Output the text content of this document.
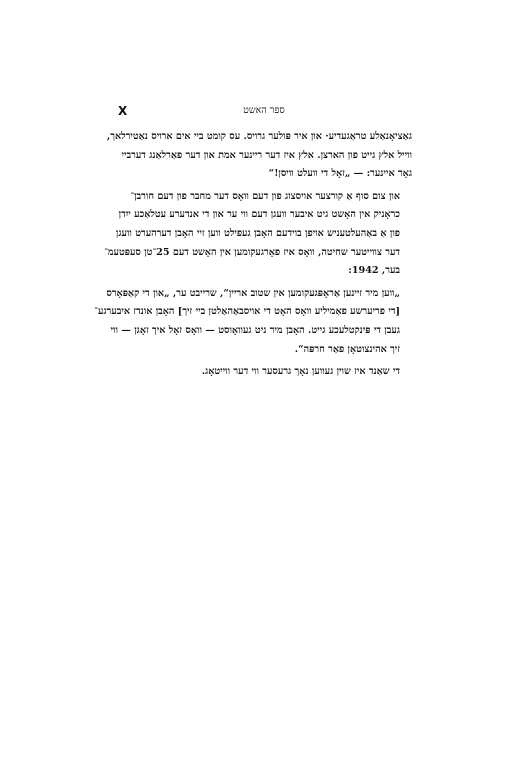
X	ספר האשט

גאַציאָנאַלע טראַגעדיע· און איר פּולער גרויס. עס קומט ביי אים ארויס נאַטירלאך,
ווייל אלץ גייט פון הארצן. אלץ איז דער ריינער אמת און דער פאַרלאַנג דערביי
גאָר איינער: — „זאָל די וועלט וויסן!“

און צום סוף אַ קורצער אויסצוג פון דעם וואָס דער מחבר פון דעם חורבן־
כראָניק אין האָשט גיט איבער וועגן דעם ווי ער און די אנדערע עטלאַכע ייִדן
פון אַ באַהעלטעניש אויפן בוידעם האָבן געפילט ווען זיי האָבן דערהערט וועגן
דער צווייטער שחיטה, וואָס איז פאָרגעקומען אין האָשט דעם 25־טן סעפּטעמ־
בער, 1942:

„ווען מיר זיינען אַראָפּגעקומען אין שטוב אריין“, שרייבט ער, „און די קאַפּאָרס
[די פריערשע פאַמיליע וואָס האָט די אויסבאַהאַלטן ביי זיך] האָבן אונדז איבערגע־
געבן די פּינקטלעכע גייט. האָבן מיר ניט געוואָוסט — וואָס זאָל איך זאָגן — ווי
זיך אהינצוטאָן פאַר חרפּה“.

די שאַנד איז שוין געווען נאָך גרעסער ווי דער ווייטאָג.
